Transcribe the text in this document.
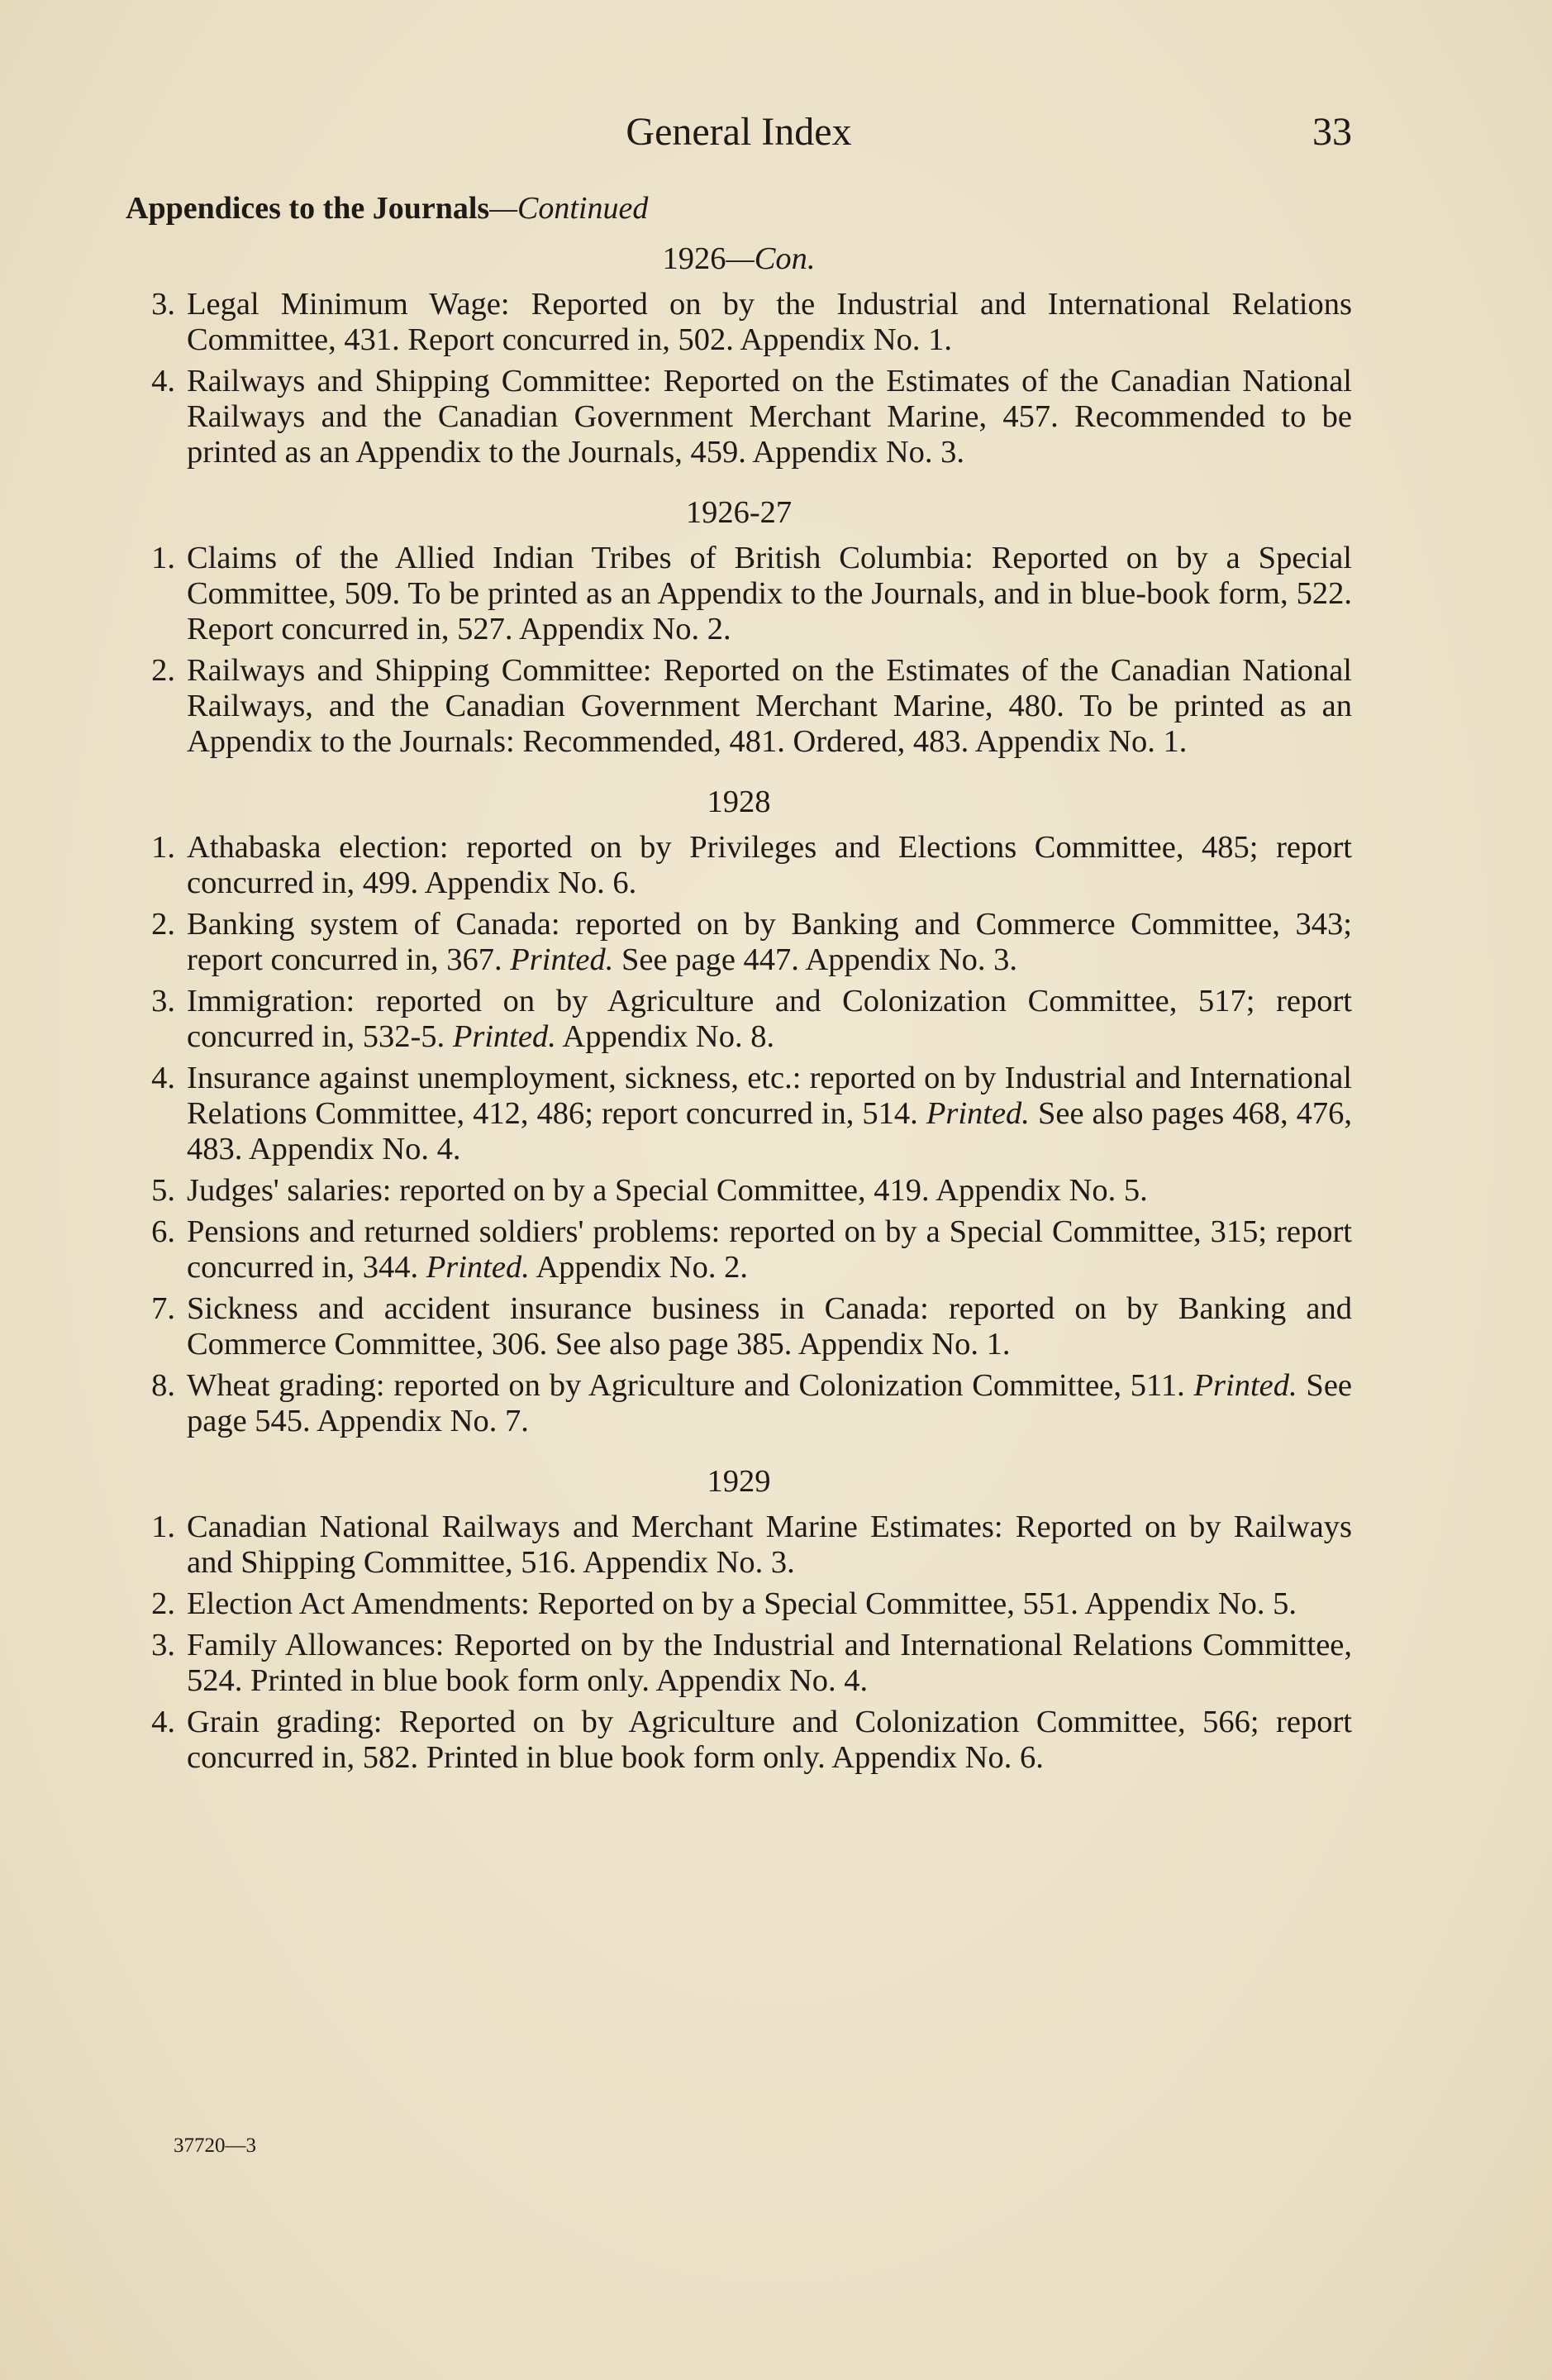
General Index	33
Appendices to the Journals—Continued
1926—Con.
3. Legal Minimum Wage: Reported on by the Industrial and International Relations Committee, 431. Report concurred in, 502. Appendix No. 1.
4. Railways and Shipping Committee: Reported on the Estimates of the Canadian National Railways and the Canadian Government Merchant Marine, 457. Recommended to be printed as an Appendix to the Journals, 459. Appendix No. 3.
1926-27
1. Claims of the Allied Indian Tribes of British Columbia: Reported on by a Special Committee, 509. To be printed as an Appendix to the Journals, and in blue-book form, 522. Report concurred in, 527. Appendix No. 2.
2. Railways and Shipping Committee: Reported on the Estimates of the Canadian National Railways, and the Canadian Government Merchant Marine, 480. To be printed as an Appendix to the Journals: Recommended, 481. Ordered, 483. Appendix No. 1.
1928
1. Athabaska election: reported on by Privileges and Elections Committee, 485; report concurred in, 499. Appendix No. 6.
2. Banking system of Canada: reported on by Banking and Commerce Committee, 343; report concurred in, 367. Printed. See page 447. Appendix No. 3.
3. Immigration: reported on by Agriculture and Colonization Committee, 517; report concurred in, 532-5. Printed. Appendix No. 8.
4. Insurance against unemployment, sickness, etc.: reported on by Industrial and International Relations Committee, 412, 486; report concurred in, 514. Printed. See also pages 468, 476, 483. Appendix No. 4.
5. Judges' salaries: reported on by a Special Committee, 419. Appendix No. 5.
6. Pensions and returned soldiers' problems: reported on by a Special Committee, 315; report concurred in, 344. Printed. Appendix No. 2.
7. Sickness and accident insurance business in Canada: reported on by Banking and Commerce Committee, 306. See also page 385. Appendix No. 1.
8. Wheat grading: reported on by Agriculture and Colonization Committee, 511. Printed. See page 545. Appendix No. 7.
1929
1. Canadian National Railways and Merchant Marine Estimates: Reported on by Railways and Shipping Committee, 516. Appendix No. 3.
2. Election Act Amendments: Reported on by a Special Committee, 551. Appendix No. 5.
3. Family Allowances: Reported on by the Industrial and International Relations Committee, 524. Printed in blue book form only. Appendix No. 4.
4. Grain grading: Reported on by Agriculture and Colonization Committee, 566; report concurred in, 582. Printed in blue book form only. Appendix No. 6.
37720—3
